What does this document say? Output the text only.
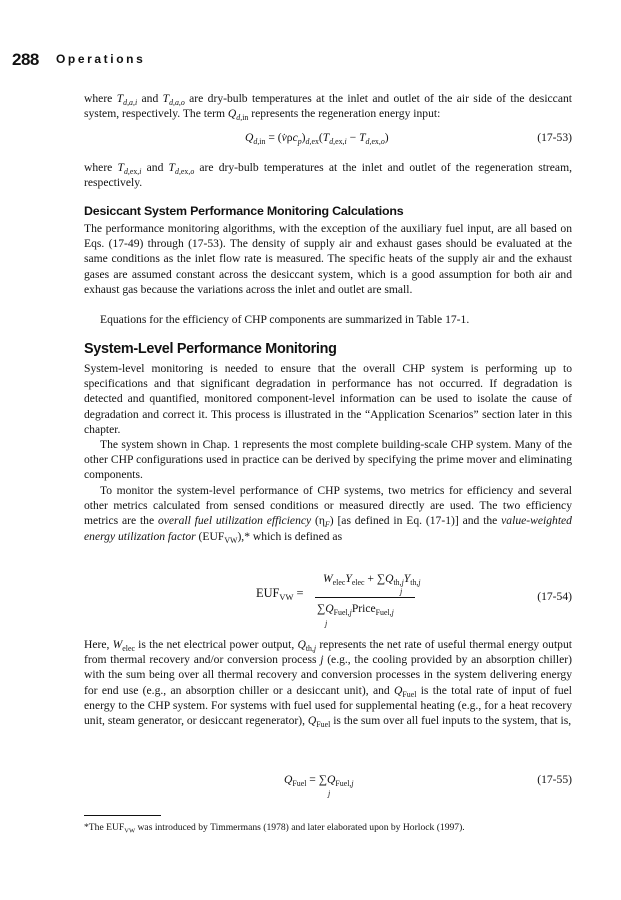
288 Operations

where $T_{d,a,i}$ and $T_{d,a,o}$ are dry-bulb temperatures at the inlet and outlet of the air side of the desiccant system, respectively. The term $Q_{d,in}$ represents the regeneration energy input:

$Q_{d,in}$ = $(v̇\rho c_p)_{d,ex}(T_{d,ex,i} - T_{d,ex,o})$	(17-53)

where $T_{d,ex,i}$ and $T_{d,ex,o}$ are dry-bulb temperatures at the inlet and outlet of the regeneration stream, respectively.

Desiccant System Performance Monitoring Calculations

The performance monitoring algorithms, with the exception of the auxiliary fuel input, are all based on Eqs. (17-49) through (17-53). The density of supply air and exhaust gases should be evaluated at the same conditions as the inlet flow rate is measured. The specific heats of the supply air and the exhaust gases are assumed constant across the desiccant system, which is a good assumption for both air and exhaust gas because the variations across the inlet and outlet are small.

Equations for the efficiency of CHP components are summarized in Table 17-1.

System-Level Performance Monitoring

System-level monitoring is needed to ensure that the overall CHP system is performing up to specifications and that significant degradation in performance has not occurred. If degradation is detected and quantified, monitored component-level information can be used to isolate the cause of degradation and correct it. This process is illustrated in the “Application Scenarios” section later in this chapter.

The system shown in Chap. 1 represents the most complete building-scale CHP system. Many of the other CHP configurations used in practice can be derived by specifying the prime mover and eliminating components.

To monitor the system-level performance of CHP systems, two metrics for efficiency and several other metrics calculated from sensed conditions or measured directly are used. The two efficiency metrics are the overall fuel utilization efficiency $(\eta_F)$ [as defined in Eq. (17-1)] and the value-weighted energy utilization factor $(EUF_{VW}),*$ which is defined as

$EUF_{VW}$ =
$W_{elec}Y_{elec} + \sum Q_{th,j}Y_{th,j}$
j
$\sum Q_{Fuel,j}Price_{Fuel,j}$
j
(17-54)

Here, $W_{elec}$ is the net electrical power output, $Q_{th,j}$ represents the net rate of useful thermal energy output from thermal recovery and/or conversion process j (e.g., the cooling provided by an absorption chiller) with the sum being over all thermal recovery and conversion processes in the system delivering energy for end use (e.g., an absorption chiller or a desiccant unit), and $Q_{Fuel}$ is the total rate of input of fuel energy to the CHP system. For systems with fuel used for supplemental heating (e.g., for a heat recovery unit, steam generator, or desiccant regenerator), $Q_{Fuel}$ is the sum over all fuel inputs to the system, that is,

$Q_{Fuel} = \sum Q_{Fuel,j}$
j
(17-55)
*The $EUF_{VW}$ was introduced by Timmermans (1978) and later elaborated upon by Horlock (1997).
